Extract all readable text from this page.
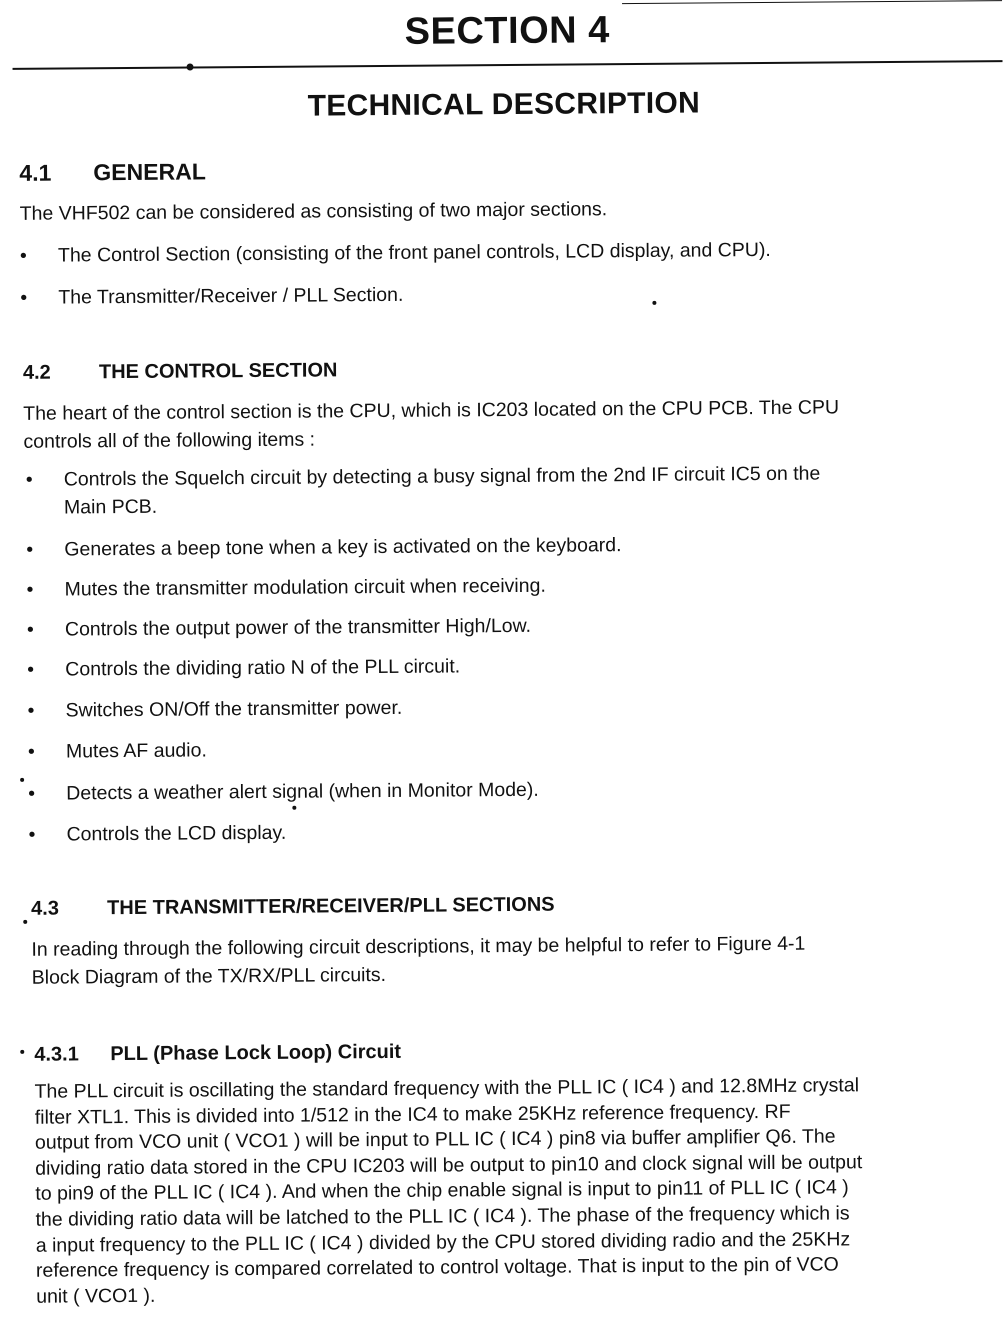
SECTION 4
TECHNICAL DESCRIPTION
4.1 GENERAL
The VHF502 can be considered as consisting of two major sections.
•	The Control Section (consisting of the front panel controls, LCD display, and CPU).
•	The Transmitter/Receiver / PLL Section.
4.2 THE CONTROL SECTION
The heart of the control section is the CPU, which is IC203 located on the CPU PCB. The CPU
controls all of the following items :
•	Controls the Squelch circuit by detecting a busy signal from the 2nd IF circuit IC5 on the
Main PCB.
•	Generates a beep tone when a key is activated on the keyboard.
•	Mutes the transmitter modulation circuit when receiving.
•	Controls the output power of the transmitter High/Low.
•	Controls the dividing ratio N of the PLL circuit.
•	Switches ON/Off the transmitter power.
•	Mutes AF audio.
•	Detects a weather alert signal (when in Monitor Mode).
•	Controls the LCD display.
4.3 THE TRANSMITTER/RECEIVER/PLL SECTIONS
In reading through the following circuit descriptions, it may be helpful to refer to Figure 4-1
Block Diagram of the TX/RX/PLL circuits.
4.3.1 PLL (Phase Lock Loop) Circuit
The PLL circuit is oscillating the standard frequency with the PLL IC ( IC4 ) and 12.8MHz crystal
filter XTL1. This is divided into 1/512 in the IC4 to make 25KHz reference frequency. RF
output from VCO unit ( VCO1 ) will be input to PLL IC ( IC4 ) pin8 via buffer amplifier Q6. The
dividing ratio data stored in the CPU IC203 will be output to pin10 and clock signal will be output
to pin9 of the PLL IC ( IC4 ). And when the chip enable signal is input to pin11 of PLL IC ( IC4 )
the dividing ratio data will be latched to the PLL IC ( IC4 ). The phase of the frequency which is
a input frequency to the PLL IC ( IC4 ) divided by the CPU stored dividing radio and the 25KHz
reference frequency is compared correlated to control voltage. That is input to the pin of VCO
unit ( VCO1 ).
